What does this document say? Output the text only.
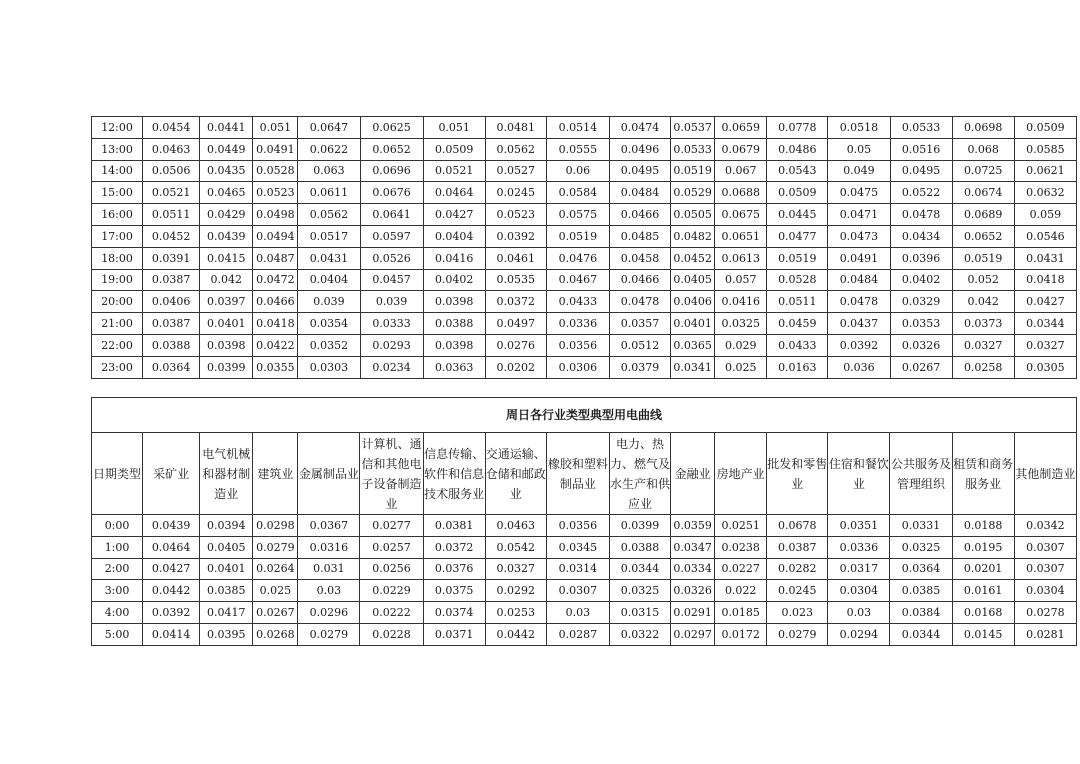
12:00	0.0454	0.0441	0.051	0.0647	0.0625	0.051	0.0481	0.0514	0.0474	0.0537	0.0659	0.0778	0.0518	0.0533	0.0698	0.0509
13:00	0.0463	0.0449	0.0491	0.0622	0.0652	0.0509	0.0562	0.0555	0.0496	0.0533	0.0679	0.0486	0.05	0.0516	0.068	0.0585
14:00	0.0506	0.0435	0.0528	0.063	0.0696	0.0521	0.0527	0.06	0.0495	0.0519	0.067	0.0543	0.049	0.0495	0.0725	0.0621
15:00	0.0521	0.0465	0.0523	0.0611	0.0676	0.0464	0.0245	0.0584	0.0484	0.0529	0.0688	0.0509	0.0475	0.0522	0.0674	0.0632
16:00	0.0511	0.0429	0.0498	0.0562	0.0641	0.0427	0.0523	0.0575	0.0466	0.0505	0.0675	0.0445	0.0471	0.0478	0.0689	0.059
17:00	0.0452	0.0439	0.0494	0.0517	0.0597	0.0404	0.0392	0.0519	0.0485	0.0482	0.0651	0.0477	0.0473	0.0434	0.0652	0.0546
18:00	0.0391	0.0415	0.0487	0.0431	0.0526	0.0416	0.0461	0.0476	0.0458	0.0452	0.0613	0.0519	0.0491	0.0396	0.0519	0.0431
19:00	0.0387	0.042	0.0472	0.0404	0.0457	0.0402	0.0535	0.0467	0.0466	0.0405	0.057	0.0528	0.0484	0.0402	0.052	0.0418
20:00	0.0406	0.0397	0.0466	0.039	0.039	0.0398	0.0372	0.0433	0.0478	0.0406	0.0416	0.0511	0.0478	0.0329	0.042	0.0427
21:00	0.0387	0.0401	0.0418	0.0354	0.0333	0.0388	0.0497	0.0336	0.0357	0.0401	0.0325	0.0459	0.0437	0.0353	0.0373	0.0344
22:00	0.0388	0.0398	0.0422	0.0352	0.0293	0.0398	0.0276	0.0356	0.0512	0.0365	0.029	0.0433	0.0392	0.0326	0.0327	0.0327
23:00	0.0364	0.0399	0.0355	0.0303	0.0234	0.0363	0.0202	0.0306	0.0379	0.0341	0.025	0.0163	0.036	0.0267	0.0258	0.0305
周日各行业类型典型用电曲线																
日期类型	采矿业	电气机械和器材制造业	建筑业	金属制品业	计算机、通信和其他电子设备制造业	信息传输、软件和信息技术服务业	交通运输、仓储和邮政业	橡胶和塑料制品业	电力、热力、燃气及水生产和供应业	金融业	房地产业	批发和零售业	住宿和餐饮业	公共服务及管理组织	租赁和商务服务业	其他制造业
0:00	0.0439	0.0394	0.0298	0.0367	0.0277	0.0381	0.0463	0.0356	0.0399	0.0359	0.0251	0.0678	0.0351	0.0331	0.0188	0.0342
1:00	0.0464	0.0405	0.0279	0.0316	0.0257	0.0372	0.0542	0.0345	0.0388	0.0347	0.0238	0.0387	0.0336	0.0325	0.0195	0.0307
2:00	0.0427	0.0401	0.0264	0.031	0.0256	0.0376	0.0327	0.0314	0.0344	0.0334	0.0227	0.0282	0.0317	0.0364	0.0201	0.0307
3:00	0.0442	0.0385	0.025	0.03	0.0229	0.0375	0.0292	0.0307	0.0325	0.0326	0.022	0.0245	0.0304	0.0385	0.0161	0.0304
4:00	0.0392	0.0417	0.0267	0.0296	0.0222	0.0374	0.0253	0.03	0.0315	0.0291	0.0185	0.023	0.03	0.0384	0.0168	0.0278
5:00	0.0414	0.0395	0.0268	0.0279	0.0228	0.0371	0.0442	0.0287	0.0322	0.0297	0.0172	0.0279	0.0294	0.0344	0.0145	0.0281
